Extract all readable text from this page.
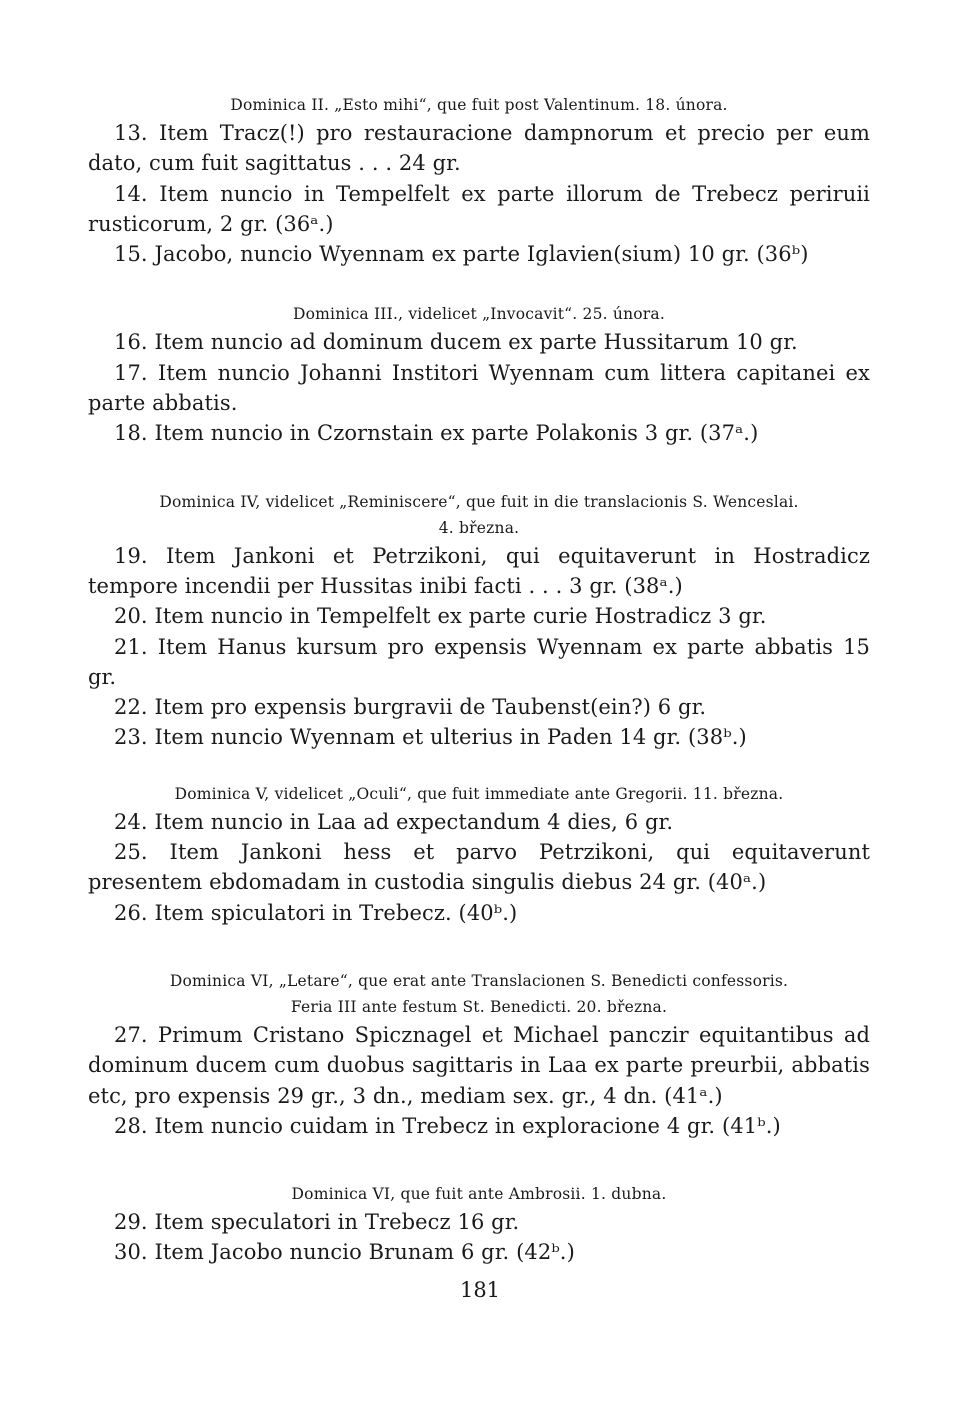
Dominica II. „Esto mihi“, que fuit post Valentinum. 18. února.
13. Item Tracz(!) pro restauracione dampnorum et precio per eum dato, cum fuit sagittatus . . . 24 gr.
14. Item nuncio in Tempelfelt ex parte illorum de Trebecz periruii rusticorum, 2 gr. (36ᵃ.)
15. Jacobo, nuncio Wyennam ex parte Iglavien(sium) 10 gr. (36ᵇ)
Dominica III., videlicet „Invocavit“. 25. února.
16. Item nuncio ad dominum ducem ex parte Hussitarum 10 gr.
17. Item nuncio Johanni Institori Wyennam cum littera capitanei ex parte abbatis.
18. Item nuncio in Czornstain ex parte Polakonis 3 gr. (37ᵃ.)
Dominica IV, videlicet „Reminiscere“, que fuit in die translacionis S. Wenceslai.
4. března.
19. Item Jankoni et Petrzikoni, qui equitaverunt in Hostradicz tempore incendii per Hussitas inibi facti . . . 3 gr. (38ᵃ.)
20. Item nuncio in Tempelfelt ex parte curie Hostradicz 3 gr.
21. Item Hanus kursum pro expensis Wyennam ex parte abbatis 15 gr.
22. Item pro expensis burgravii de Taubenst(ein?) 6 gr.
23. Item nuncio Wyennam et ulterius in Paden 14 gr. (38ᵇ.)
Dominica V, videlicet „Oculi“, que fuit immediate ante Gregorii. 11. března.
24. Item nuncio in Laa ad expectandum 4 dies, 6 gr.
25. Item Jankoni hess et parvo Petrzikoni, qui equitaverunt presentem ebdomadam in custodia singulis diebus 24 gr. (40ᵃ.)
26. Item spiculatori in Trebecz. (40ᵇ.)
Dominica VI, „Letare“, que erat ante Translacionen S. Benedicti confessoris.
Feria III ante festum St. Benedicti. 20. března.
27. Primum Cristano Spicznagel et Michael panczir equitantibus ad dominum ducem cum duobus sagittaris in Laa ex parte preurbii, abbatis etc, pro expensis 29 gr., 3 dn., mediam sex. gr., 4 dn. (41ᵃ.)
28. Item nuncio cuidam in Trebecz in exploracione 4 gr. (41ᵇ.)
Dominica VI, que fuit ante Ambrosii. 1. dubna.
29. Item speculatori in Trebecz 16 gr.
30. Item Jacobo nuncio Brunam 6 gr. (42ᵇ.)
181
